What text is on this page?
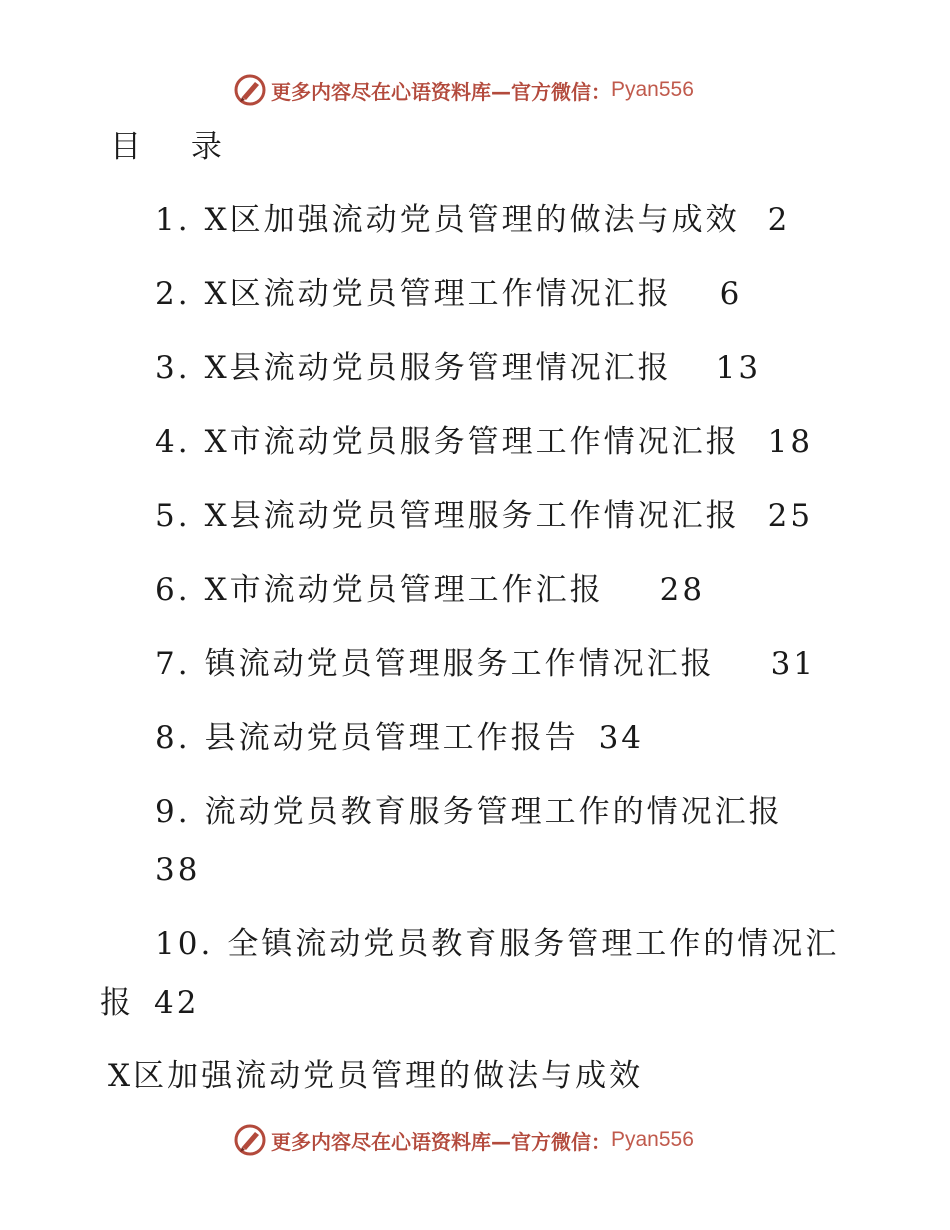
更多内容尽在心语资料库—官方微信： Pyan556
目 录
1. X区加强流动党员管理的做法与成效 2
2. X区流动党员管理工作情况汇报 6
3. X县流动党员服务管理情况汇报 13
4. X市流动党员服务管理工作情况汇报 18
5. X县流动党员管理服务工作情况汇报 25
6. X市流动党员管理工作汇报 28
7. 镇流动党员管理服务工作情况汇报 31
8. 县流动党员管理工作报告 34
9. 流动党员教育服务管理工作的情况汇报
38
10. 全镇流动党员教育服务管理工作的情况汇
报 42
X区加强流动党员管理的做法与成效
更多内容尽在心语资料库—官方微信： Pyan556
